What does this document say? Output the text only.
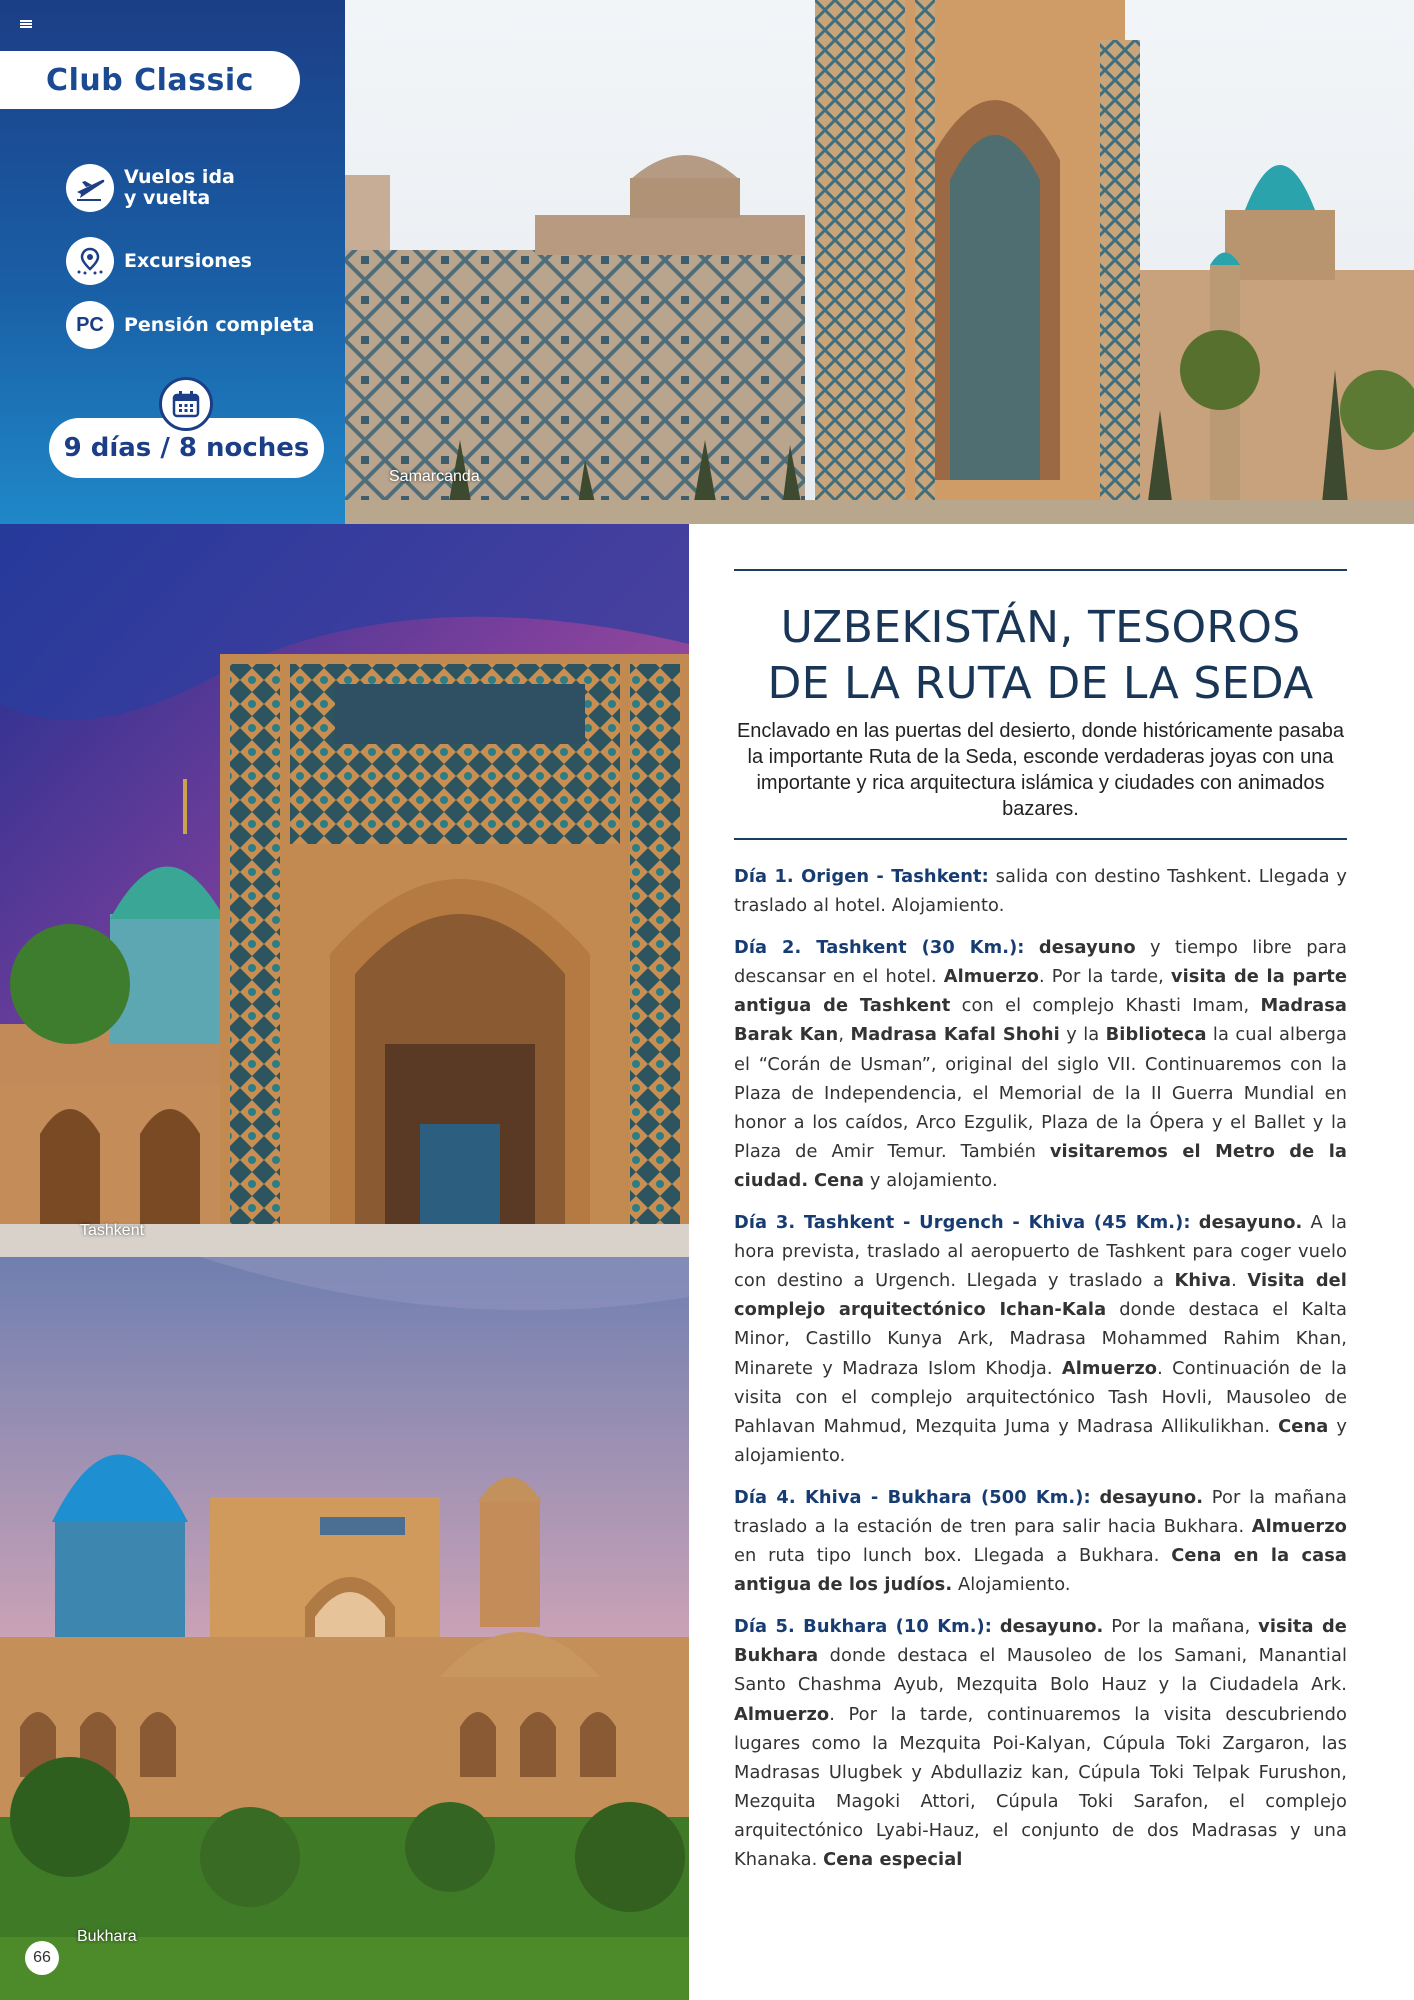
Club Classic
Vuelos ida
y vuelta
Excursiones
PC Pensión completa
9 días / 8 noches
Samarcanda
Tashkent
Bukhara
66
UZBEKISTÁN, TESOROS
DE LA RUTA DE LA SEDA

Enclavado en las puertas del desierto, donde históricamente pasaba la importante Ruta de la Seda, esconde verdaderas joyas con una importante y rica arquitectura islámica y ciudades con animados bazares.

Día 1. Origen - Tashkent: salida con destino Tashkent. Llegada y traslado al hotel. Alojamiento.

Día 2. Tashkent (30 Km.): desayuno y tiempo libre para descansar en el hotel. Almuerzo. Por la tarde, visita de la parte antigua de Tashkent con el complejo Khasti Imam, Madrasa Barak Kan, Madrasa Kafal Shohi y la Biblioteca la cual alberga el “Corán de Usman”, original del siglo VII. Continuaremos con la Plaza de Independencia, el Memorial de la II Guerra Mundial en honor a los caídos, Arco Ezgulik, Plaza de la Ópera y el Ballet y la Plaza de Amir Temur. También visitaremos el Metro de la ciudad. Cena y alojamiento.

Día 3. Tashkent - Urgench - Khiva (45 Km.): desayuno. A la hora prevista, traslado al aeropuerto de Tashkent para coger vuelo con destino a Urgench. Llegada y traslado a Khiva. Visita del complejo arquitectónico Ichan-Kala donde destaca el Kalta Minor, Castillo Kunya Ark, Madrasa Mohammed Rahim Khan, Minarete y Madraza Islom Khodja. Almuerzo. Continuación de la visita con el complejo arquitectónico Tash Hovli, Mausoleo de Pahlavan Mahmud, Mezquita Juma y Madrasa Allikulikhan. Cena y alojamiento.

Día 4. Khiva - Bukhara (500 Km.): desayuno. Por la mañana traslado a la estación de tren para salir hacia Bukhara. Almuerzo en ruta tipo lunch box. Llegada a Bukhara. Cena en la casa antigua de los judíos. Alojamiento.

Día 5. Bukhara (10 Km.): desayuno. Por la mañana, visita de Bukhara donde destaca el Mausoleo de los Samani, Manantial Santo Chashma Ayub, Mezquita Bolo Hauz y la Ciudadela Ark. Almuerzo. Por la tarde, continuaremos la visita descubriendo lugares como la Mezquita Poi-Kalyan, Cúpula Toki Zargaron, las Madrasas Ulugbek y Abdullaziz kan, Cúpula Toki Telpak Furushon, Mezquita Magoki Attori, Cúpula Toki Sarafon, el complejo arquitectónico Lyabi-Hauz, el conjunto de dos Madrasas y una Khanaka. Cena especial
